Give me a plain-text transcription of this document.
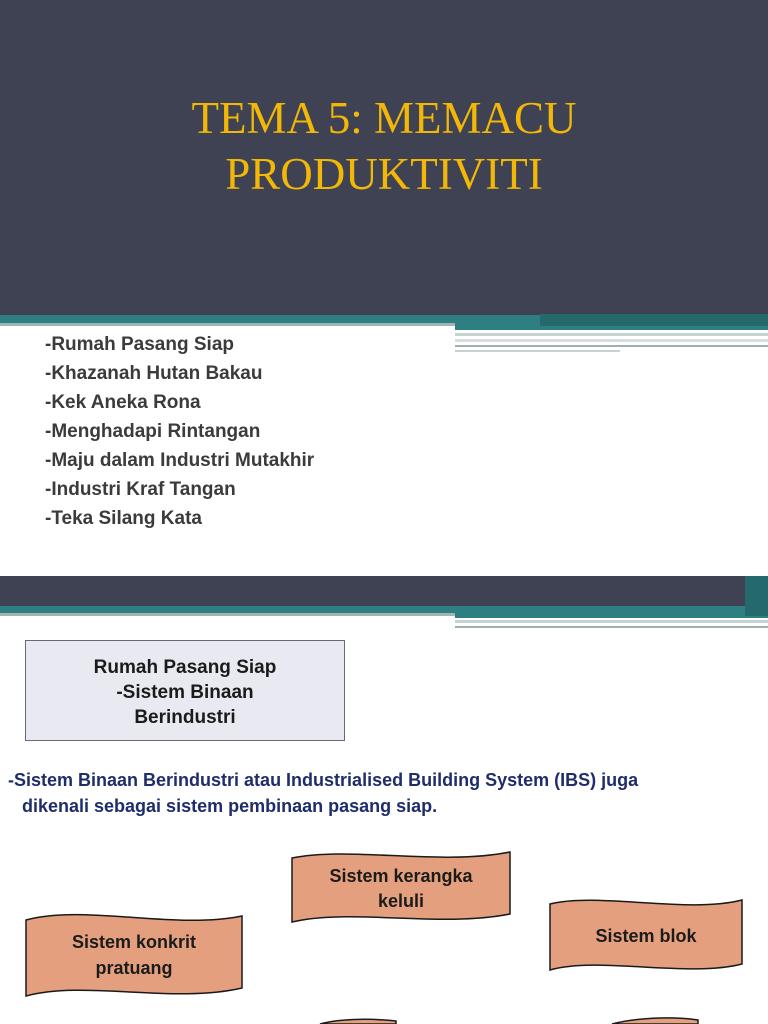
TEMA 5: MEMACU
PRODUKTIVITI
-Rumah Pasang Siap
-Khazanah Hutan Bakau
-Kek Aneka Rona
-Menghadapi Rintangan
-Maju dalam Industri Mutakhir
-Industri Kraf Tangan
-Teka Silang Kata
Rumah Pasang Siap
-Sistem Binaan
Berindustri
-Sistem Binaan Berindustri atau Industrialised Building System (IBS) juga
dikenali sebagai sistem pembinaan pasang siap.
Sistem kerangka
keluli
Sistem konkrit
pratuang
Sistem blok
